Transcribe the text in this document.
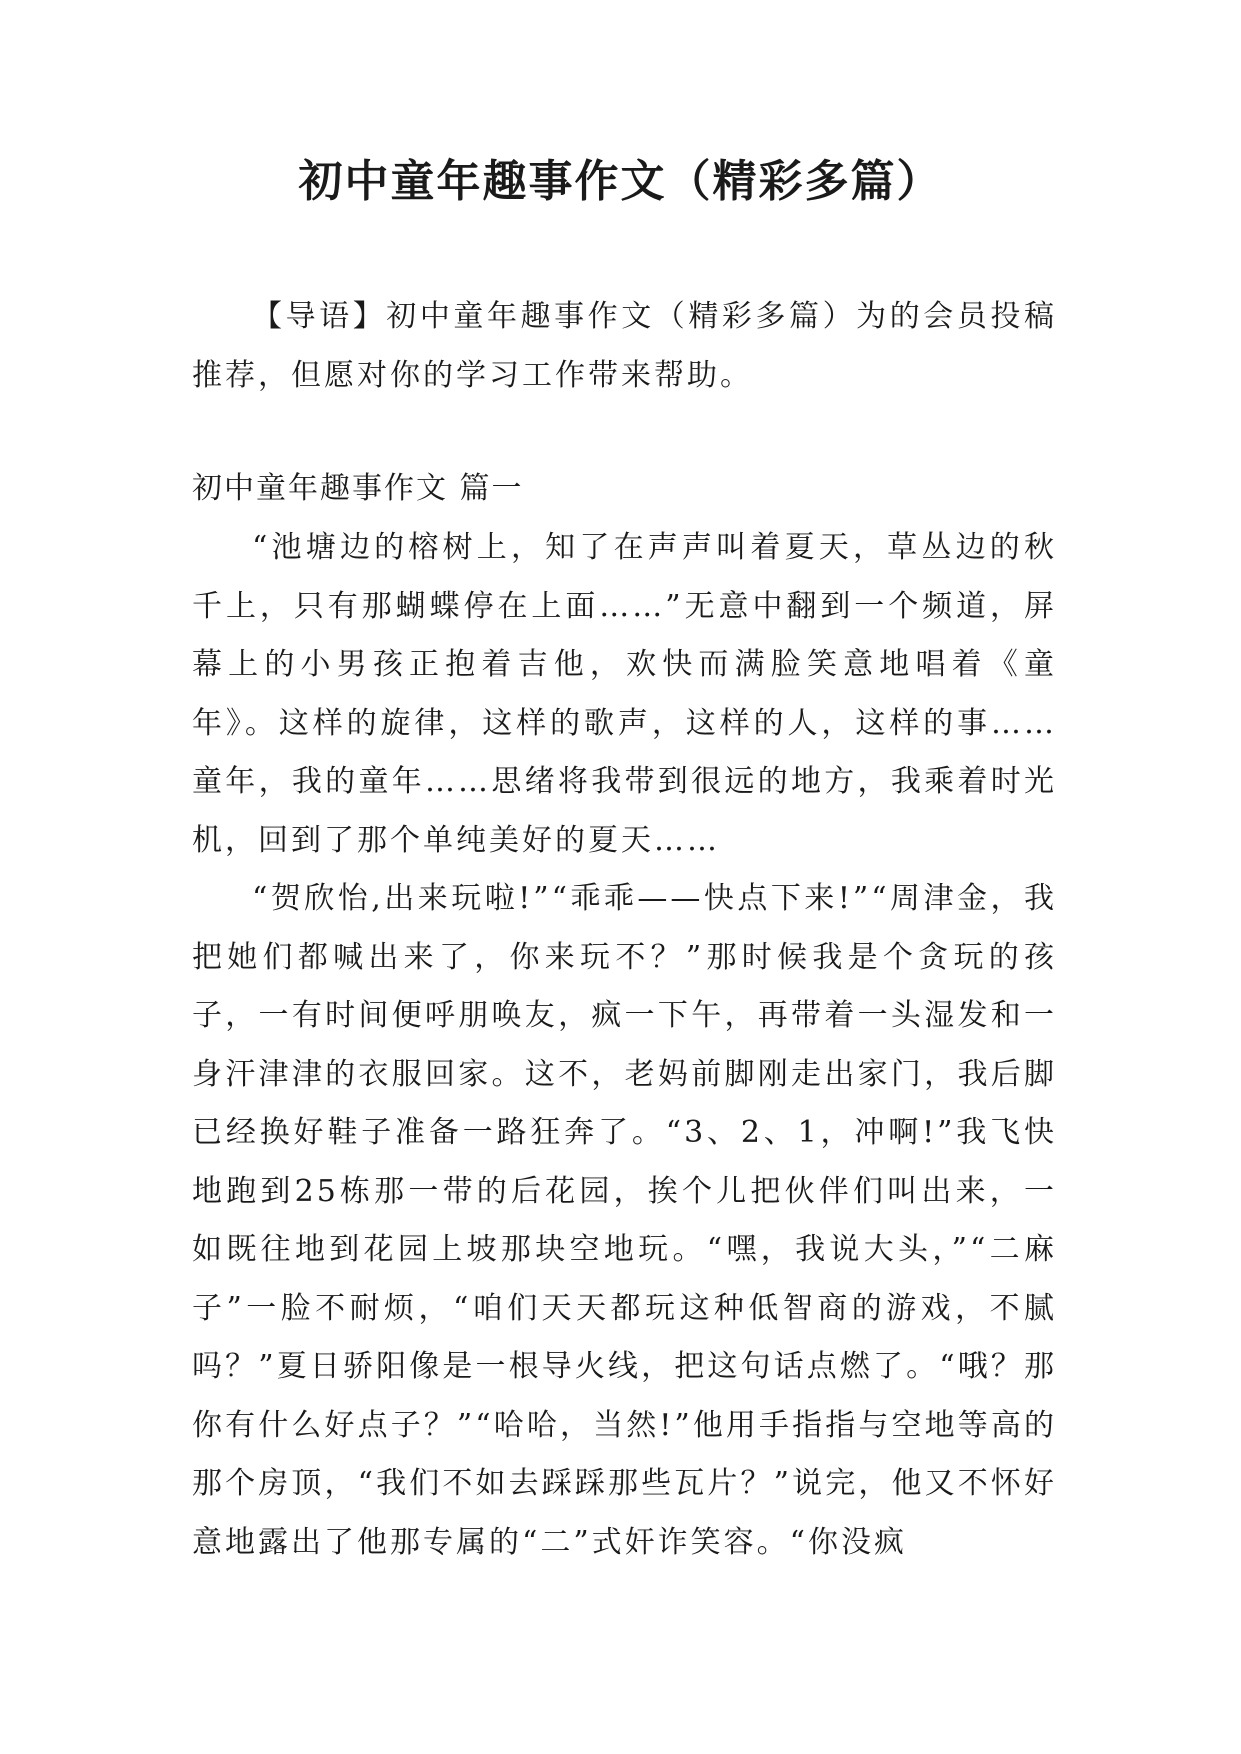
初中童年趣事作文（精彩多篇）

【导语】初中童年趣事作文（精彩多篇）为的会员投稿推荐，但愿对你的学习工作带来帮助。

初中童年趣事作文 篇一

“池塘边的榕树上，知了在声声叫着夏天，草丛边的秋千上，只有那蝴蝶停在上面……”无意中翻到一个频道，屏幕上的小男孩正抱着吉他，欢快而满脸笑意地唱着《童年》。这样的旋律，这样的歌声，这样的人，这样的事……童年，我的童年……思绪将我带到很远的地方，我乘着时光机，回到了那个单纯美好的夏天……

“贺欣怡,出来玩啦!”“乖乖——快点下来!”“周津金，我把她们都喊出来了，你来玩不？”那时候我是个贪玩的孩子，一有时间便呼朋唤友，疯一下午，再带着一头湿发和一身汗津津的衣服回家。这不，老妈前脚刚走出家门，我后脚已经换好鞋子准备一路狂奔了。“3、2、1，冲啊!”我飞快地跑到25栋那一带的后花园，挨个儿把伙伴们叫出来，一如既往地到花园上坡那块空地玩。“嘿，我说大头，”“二麻子”一脸不耐烦，“咱们天天都玩这种低智商的游戏，不腻吗？”夏日骄阳像是一根导火线，把这句话点燃了。“哦？那你有什么好点子？”“哈哈，当然!”他用手指指与空地等高的那个房顶，“我们不如去踩踩那些瓦片？”说完，他又不怀好意地露出了他那专属的“二”式奸诈笑容。“你没疯
